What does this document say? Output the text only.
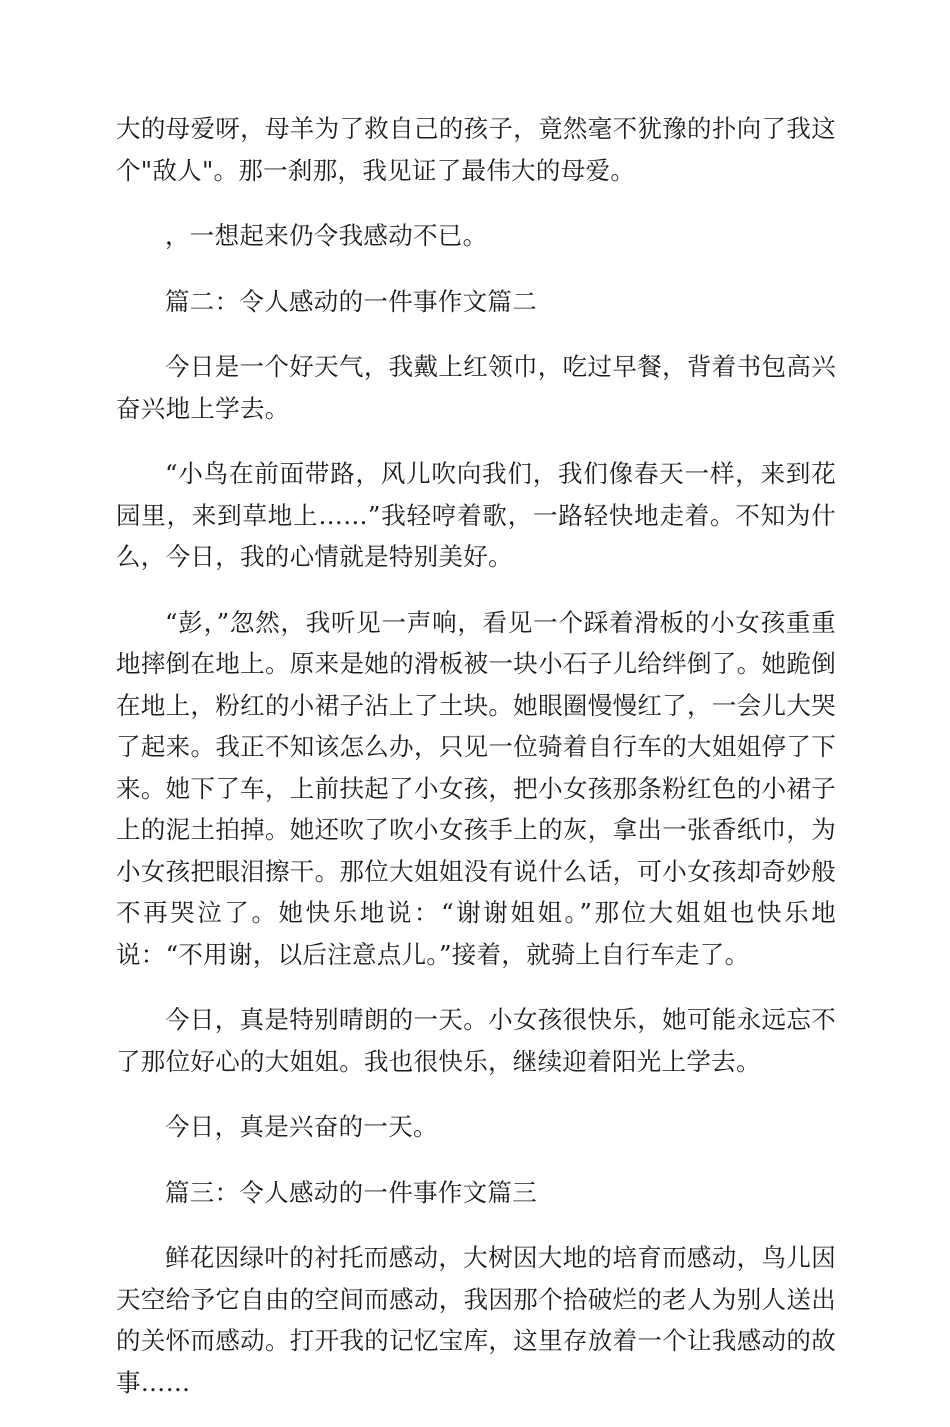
大的母爱呀，母羊为了救自己的孩子，竟然毫不犹豫的扑向了我这个"敌人"。那一刹那，我见证了最伟大的母爱。

，一想起来仍令我感动不已。

篇二：令人感动的一件事作文篇二

今日是一个好天气，我戴上红领巾，吃过早餐，背着书包高兴奋兴地上学去。

“小鸟在前面带路，风儿吹向我们，我们像春天一样，来到花园里，来到草地上……”我轻哼着歌，一路轻快地走着。不知为什么，今日，我的心情就是特别美好。

“彭，”忽然，我听见一声响，看见一个踩着滑板的小女孩重重地摔倒在地上。原来是她的滑板被一块小石子儿给绊倒了。她跪倒在地上，粉红的小裙子沾上了土块。她眼圈慢慢红了，一会儿大哭了起来。我正不知该怎么办，只见一位骑着自行车的大姐姐停了下来。她下了车，上前扶起了小女孩，把小女孩那条粉红色的小裙子上的泥土拍掉。她还吹了吹小女孩手上的灰，拿出一张香纸巾，为小女孩把眼泪擦干。那位大姐姐没有说什么话，可小女孩却奇妙般不再哭泣了。她快乐地说：“谢谢姐姐。”那位大姐姐也快乐地说：“不用谢，以后注意点儿。”接着，就骑上自行车走了。

今日，真是特别晴朗的一天。小女孩很快乐，她可能永远忘不了那位好心的大姐姐。我也很快乐，继续迎着阳光上学去。

今日，真是兴奋的一天。

篇三：令人感动的一件事作文篇三

鲜花因绿叶的衬托而感动，大树因大地的培育而感动，鸟儿因天空给予它自由的空间而感动，我因那个拾破烂的老人为别人送出的关怀而感动。打开我的记忆宝库，这里存放着一个让我感动的故事……
